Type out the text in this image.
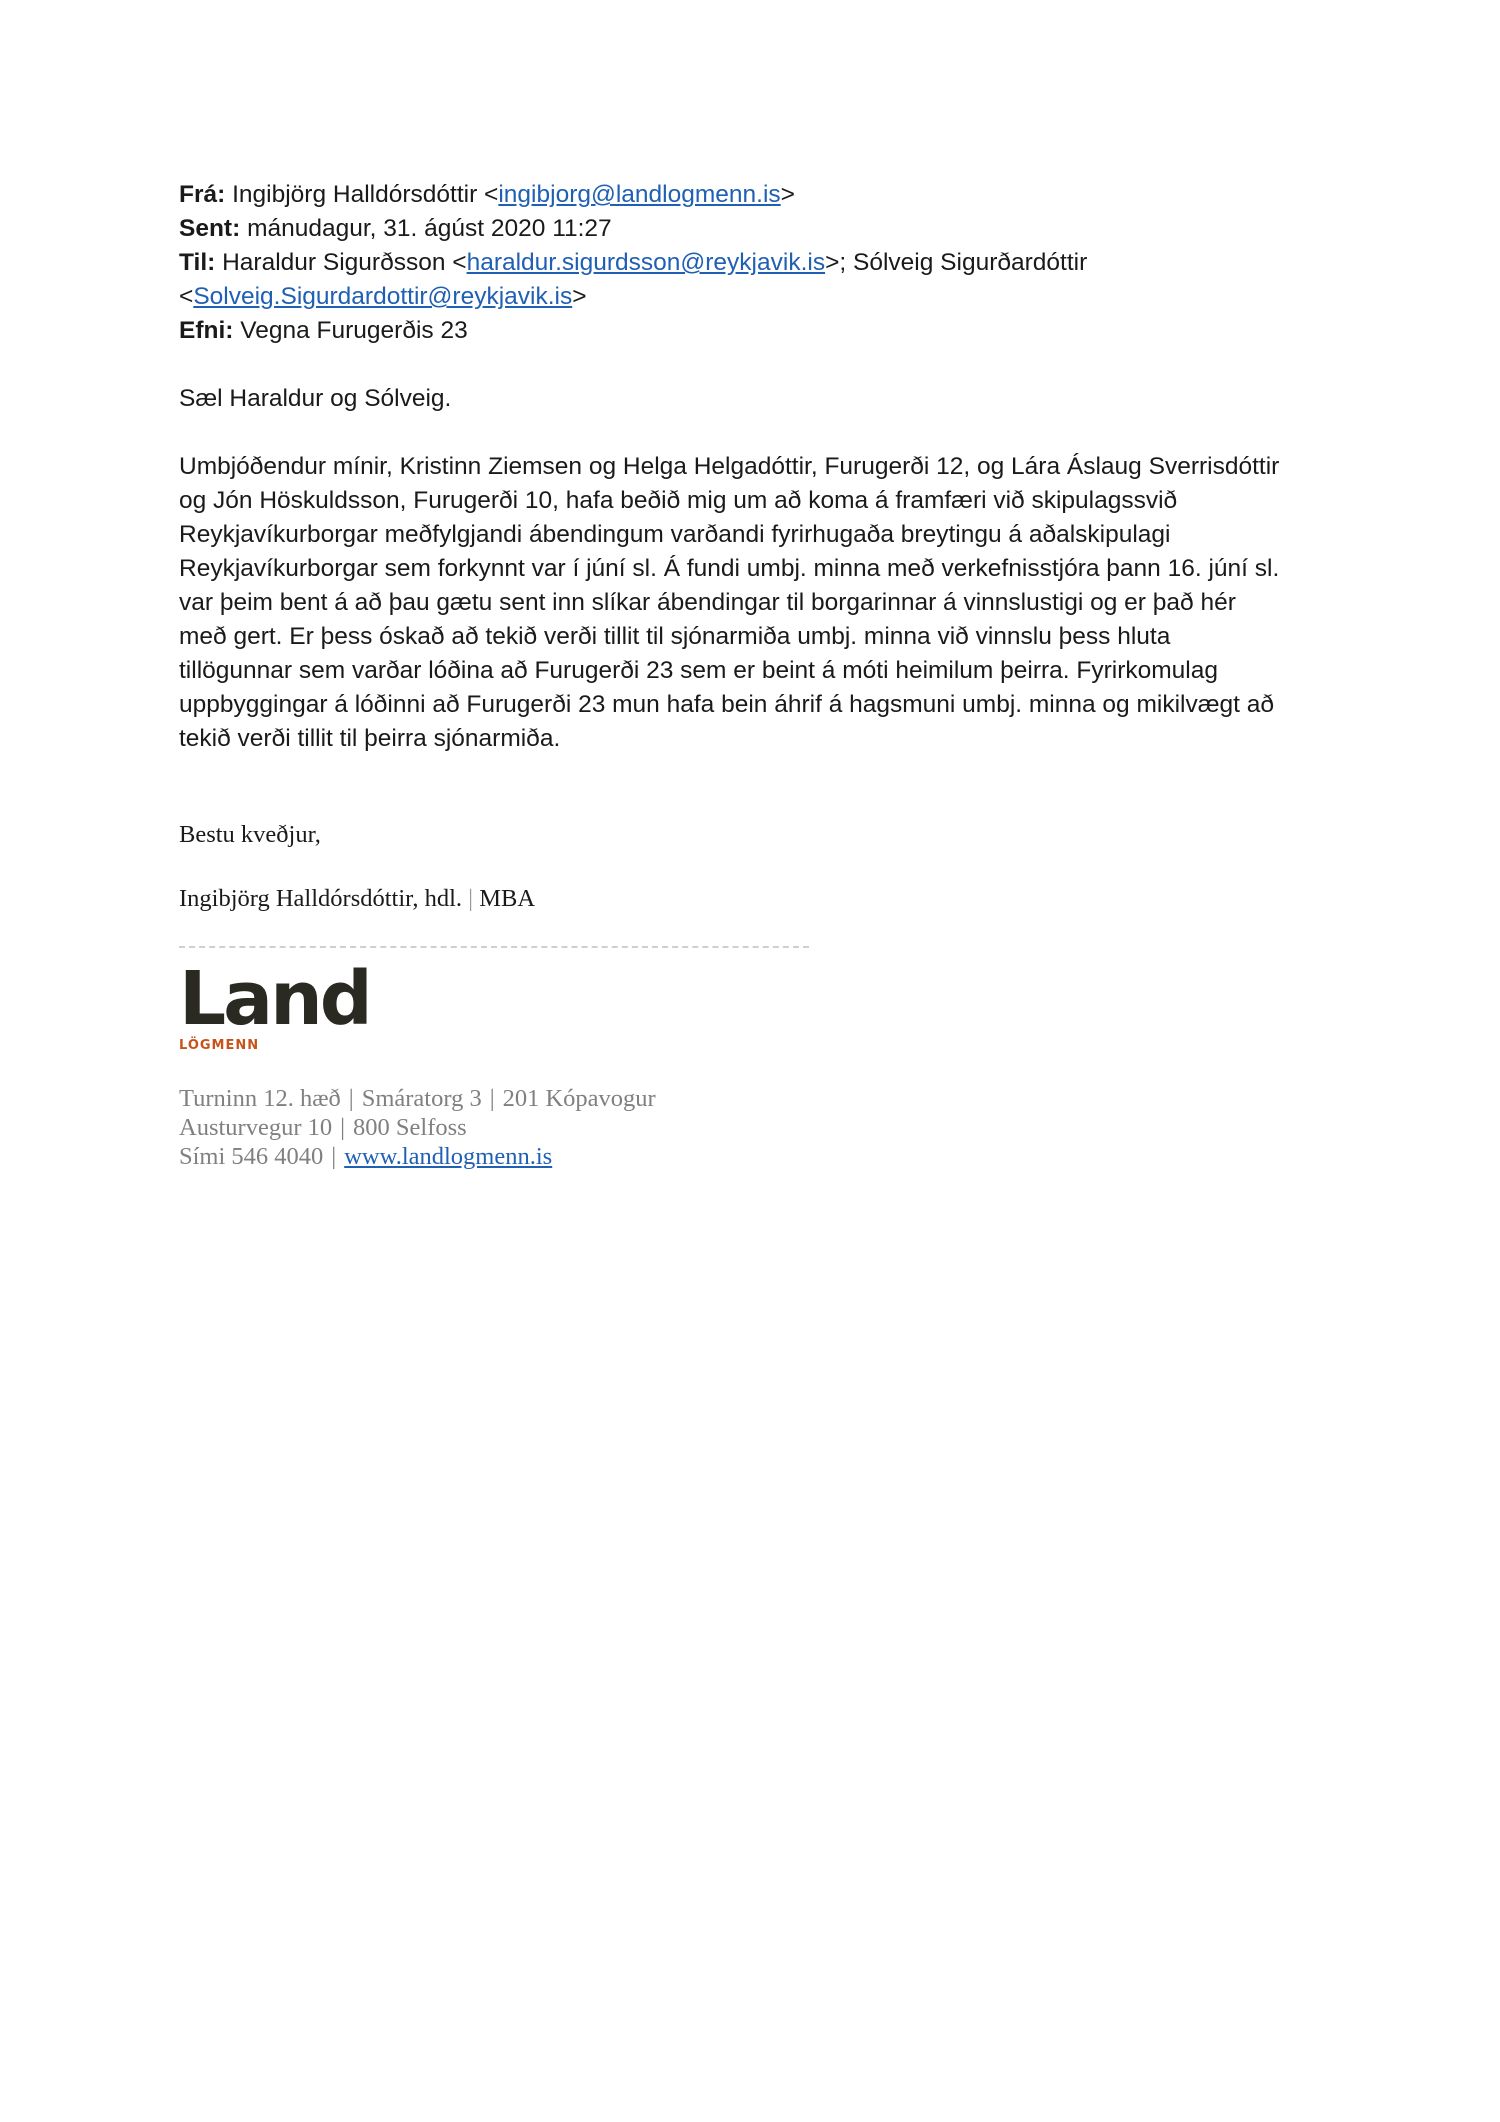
Frá: Ingibjörg Halldórsdóttir <ingibjorg@landlogmenn.is>
Sent: mánudagur, 31. ágúst 2020 11:27
Til: Haraldur Sigurðsson <haraldur.sigurdsson@reykjavik.is>; Sólveig Sigurðardóttir
<Solveig.Sigurdardottir@reykjavik.is>
Efni: Vegna Furugerðis 23
Sæl Haraldur og Sólveig.
Umbjóðendur mínir, Kristinn Ziemsen og Helga Helgadóttir, Furugerði 12, og Lára Áslaug Sverrisdóttir
og Jón Höskuldsson, Furugerði 10, hafa beðið mig um að koma á framfæri við skipulagssvið
Reykjavíkurborgar meðfylgjandi ábendingum varðandi fyrirhugaða breytingu á aðalskipulagi
Reykjavíkurborgar sem forkynnt var í júní sl. Á fundi umbj. minna með verkefnisstjóra þann 16. júní sl.
var þeim bent á að þau gætu sent inn slíkar ábendingar til borgarinnar á vinnslustigi og er það hér
með gert. Er þess óskað að tekið verði tillit til sjónarmiða umbj. minna við vinnslu þess hluta
tillögunnar sem varðar lóðina að Furugerði 23 sem er beint á móti heimilum þeirra. Fyrirkomulag
uppbyggingar á lóðinni að Furugerði 23 mun hafa bein áhrif á hagsmuni umbj. minna og mikilvægt að
tekið verði tillit til þeirra sjónarmiða.
Bestu kveðjur,
Ingibjörg Halldórsdóttir, hdl. | MBA
Land
LÖGMENN
Turninn 12. hæð | Smáratorg 3 | 201 Kópavogur
Austurvegur 10 | 800 Selfoss
Sími 546 4040 | www.landlogmenn.is
